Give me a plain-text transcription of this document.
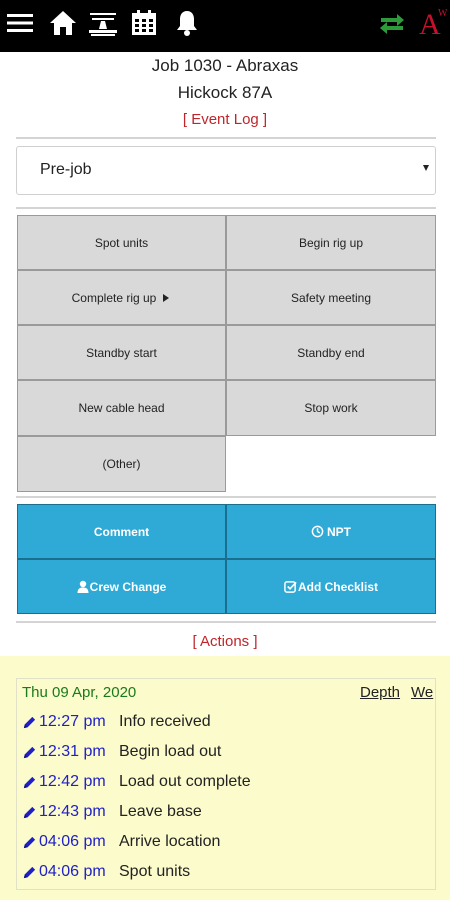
A
W
Job 1030 - Abraxas
Hickock 87A
[ Event Log ]
Pre-job
Spot units	Begin rig up
Complete rig up	Safety meeting
Standby start	Standby end
New cable head	Stop work
(Other)
Comment	NPT
Crew Change	Add Checklist
[ Actions ]
Thu 09 Apr, 2020	Depth We
12:27 pm Info received
12:31 pm Begin load out
12:42 pm Load out complete
12:43 pm Leave base
04:06 pm Arrive location
04:06 pm Spot units
